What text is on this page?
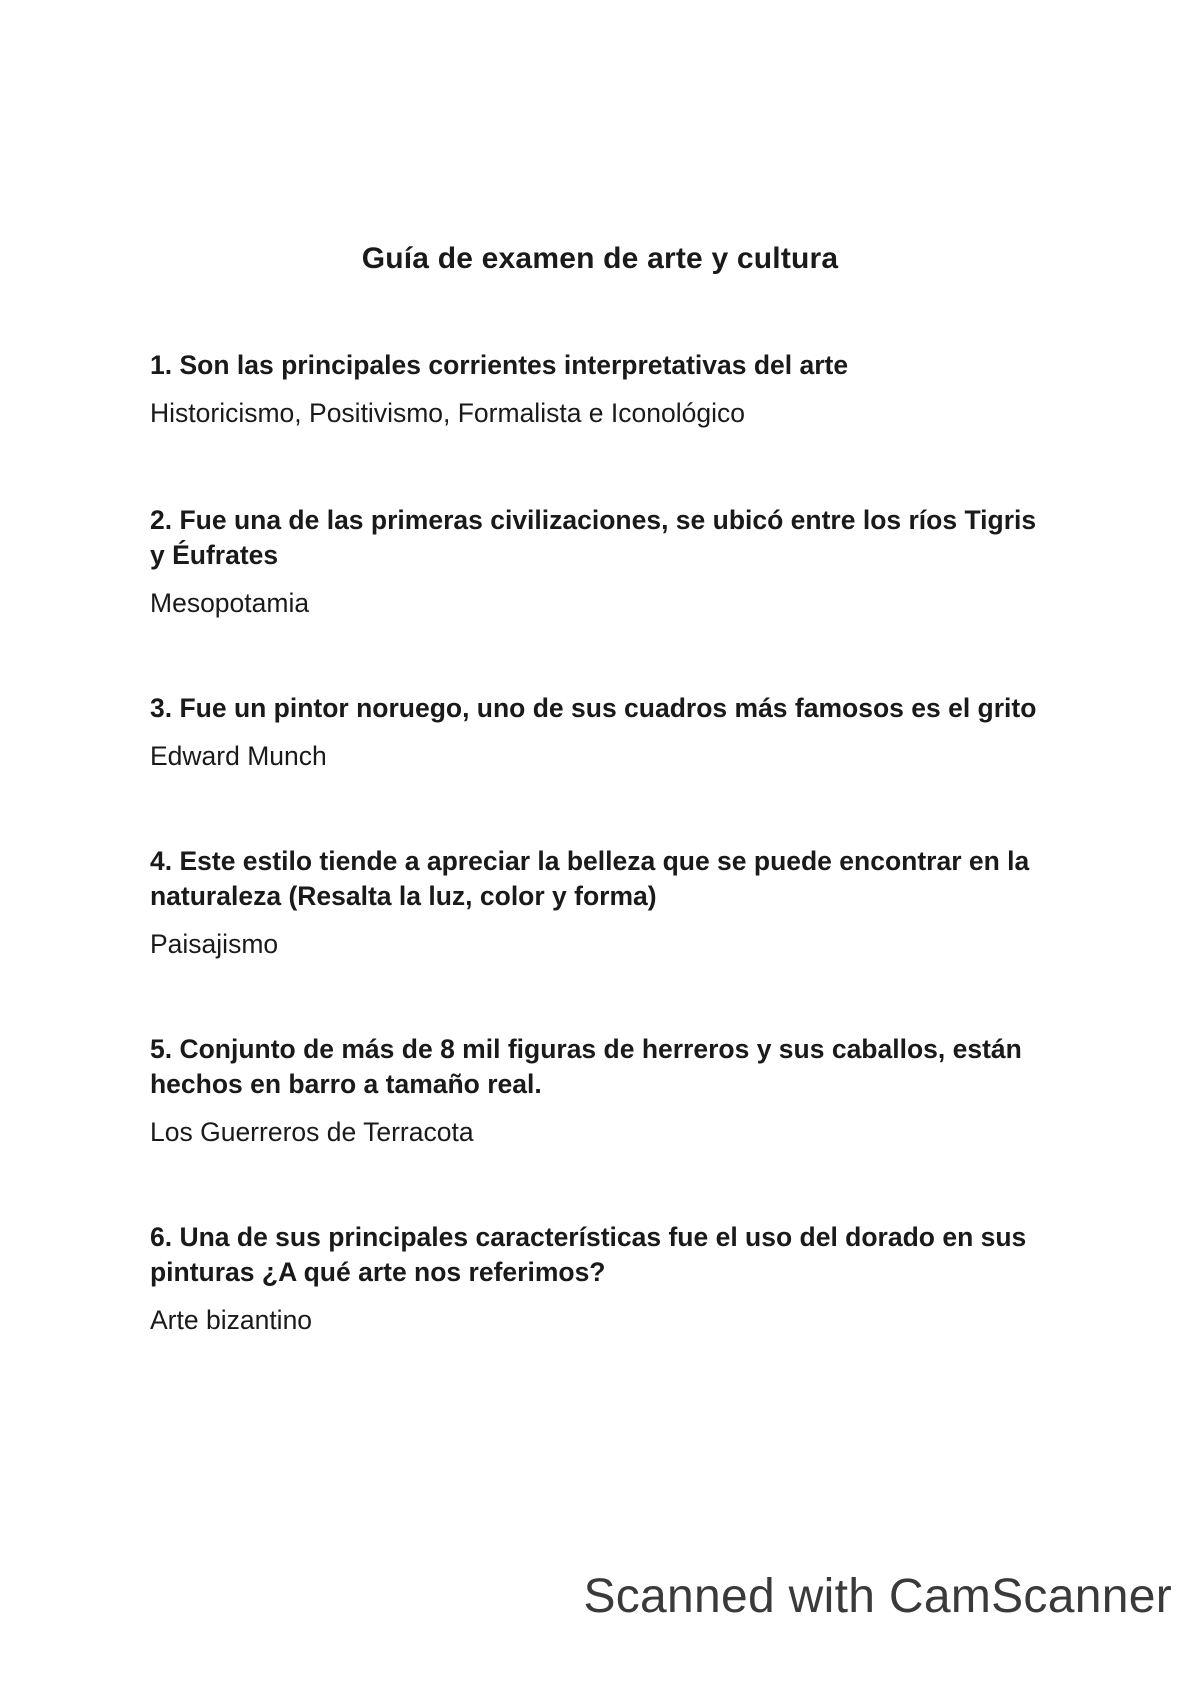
Guía de examen de arte y cultura

1. Son las principales corrientes interpretativas del arte

Historicismo, Positivismo, Formalista e Iconológico

2. Fue una de las primeras civilizaciones, se ubicó entre los ríos Tigris y Éufrates

Mesopotamia

3. Fue un pintor noruego, uno de sus cuadros más famosos es el grito

Edward Munch

4. Este estilo tiende a apreciar la belleza que se puede encontrar en la naturaleza (Resalta la luz, color y forma)

Paisajismo

5. Conjunto de más de 8 mil figuras de herreros y sus caballos, están hechos en barro a tamaño real.

Los Guerreros de Terracota

6. Una de sus principales características fue el uso del dorado en sus pinturas ¿A qué arte nos referimos?

Arte bizantino

Scanned with CamScanner
